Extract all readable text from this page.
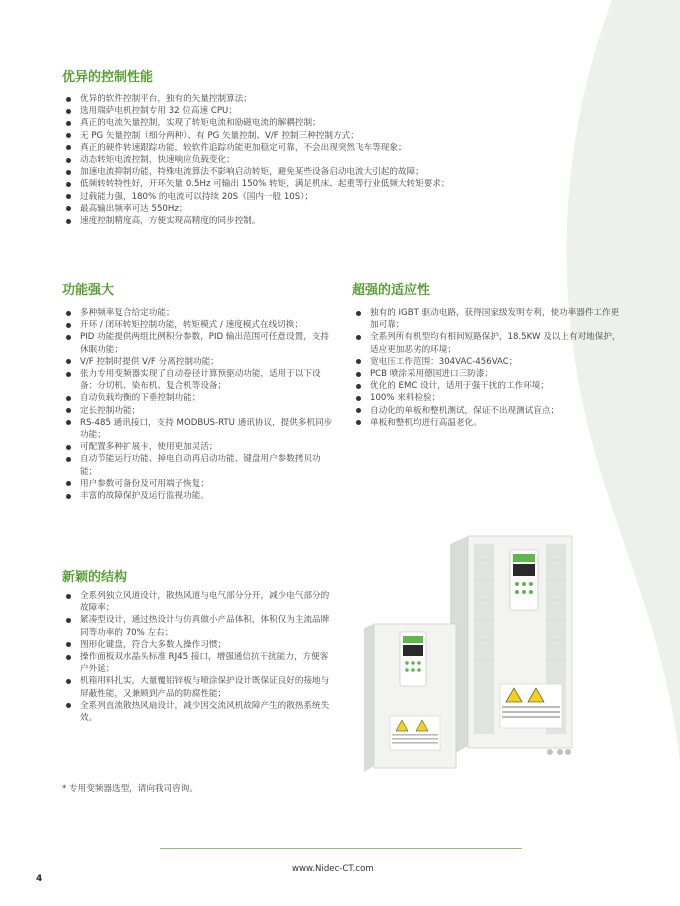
优异的控制性能
优异的软件控制平台，独有的矢量控制算法；
选用瑞萨电机控制专用 32 位高速 CPU；
真正的电流矢量控制，实现了转矩电流和励磁电流的解耦控制；
无 PG 矢量控制（细分两种）、有 PG 矢量控制、V/F 控制三种控制方式；
真正的硬件转速跟踪功能，较软件追踪功能更加稳定可靠，不会出现突然飞车等现象；
动态转矩电流控制，快速响应负载变化；
加速电流抑制功能，特殊电流算法不影响启动转矩，避免某些设备启动电流大引起的故障；
低频转转特性好，开环矢量 0.5Hz 可输出 150% 转矩，满足机床、起重等行业低频大转矩要求；
过载能力强，180% 的电流可以持续 20S（国内一般 10S）；
最高输出频率可达 550Hz；
速度控制精度高，方便实现高精度的同步控制。
功能强大
多种频率复合给定功能；
开环 / 闭环转矩控制功能，转矩模式 / 速度模式在线切换；
PID 功能提供两组比例积分参数，PID 输出范围可任意设置，支持休眠功能；
V/F 控制时提供 V/F 分离控制功能；
张力专用变频器实现了自动卷径计算预驱动功能，适用于以下设备：分切机、染布机、复合机等设备；
自动负载均衡的下垂控制功能；
定长控制功能；
RS-485 通讯接口，支持 MODBUS-RTU 通讯协议，提供多机同步功能；
可配置多种扩展卡，使用更加灵活；
自动节能运行功能、掉电自动再启动功能、键盘用户参数拷贝功能；
用户参数可备份及可用端子恢复；
丰富的故障保护及运行监视功能。
超强的适应性
独有的 IGBT 驱动电路，获得国家级发明专利，使功率器件工作更加可靠；
全系列所有机型均有相间短路保护，18.5KW 及以上有对地保护，适应更加恶劣的环境；
宽电压工作范围：304VAC-456VAC；
PCB 喷涂采用德国进口三防漆；
优化的 EMC 设计，适用于强干扰的工作环境；
100% 来料检验；
自动化的单板和整机测试，保证不出现测试盲点；
单板和整机均进行高温老化。
新颖的结构
全系列独立风道设计，散热风道与电气部分分开，减少电气部分的故障率；
紧凑型设计，通过热设计与仿真做小产品体积，体积仅为主流品牌同等功率的 70% 左右；
图形化键盘，符合大多数人操作习惯；
操作面板双水晶头标准 RJ45 接口，增强通信抗干扰能力，方便客户外延；
机箱用料扎实，大量覆铝锌板与喷涂保护设计既保证良好的接地与屏蔽性能，又兼顾到产品的防腐性能；
全系列直流散热风扇设计，减少因交流风机故障产生的散热系统失效。
* 专用变频器选型，请向我司咨询。
www.Nidec-CT.com
4
